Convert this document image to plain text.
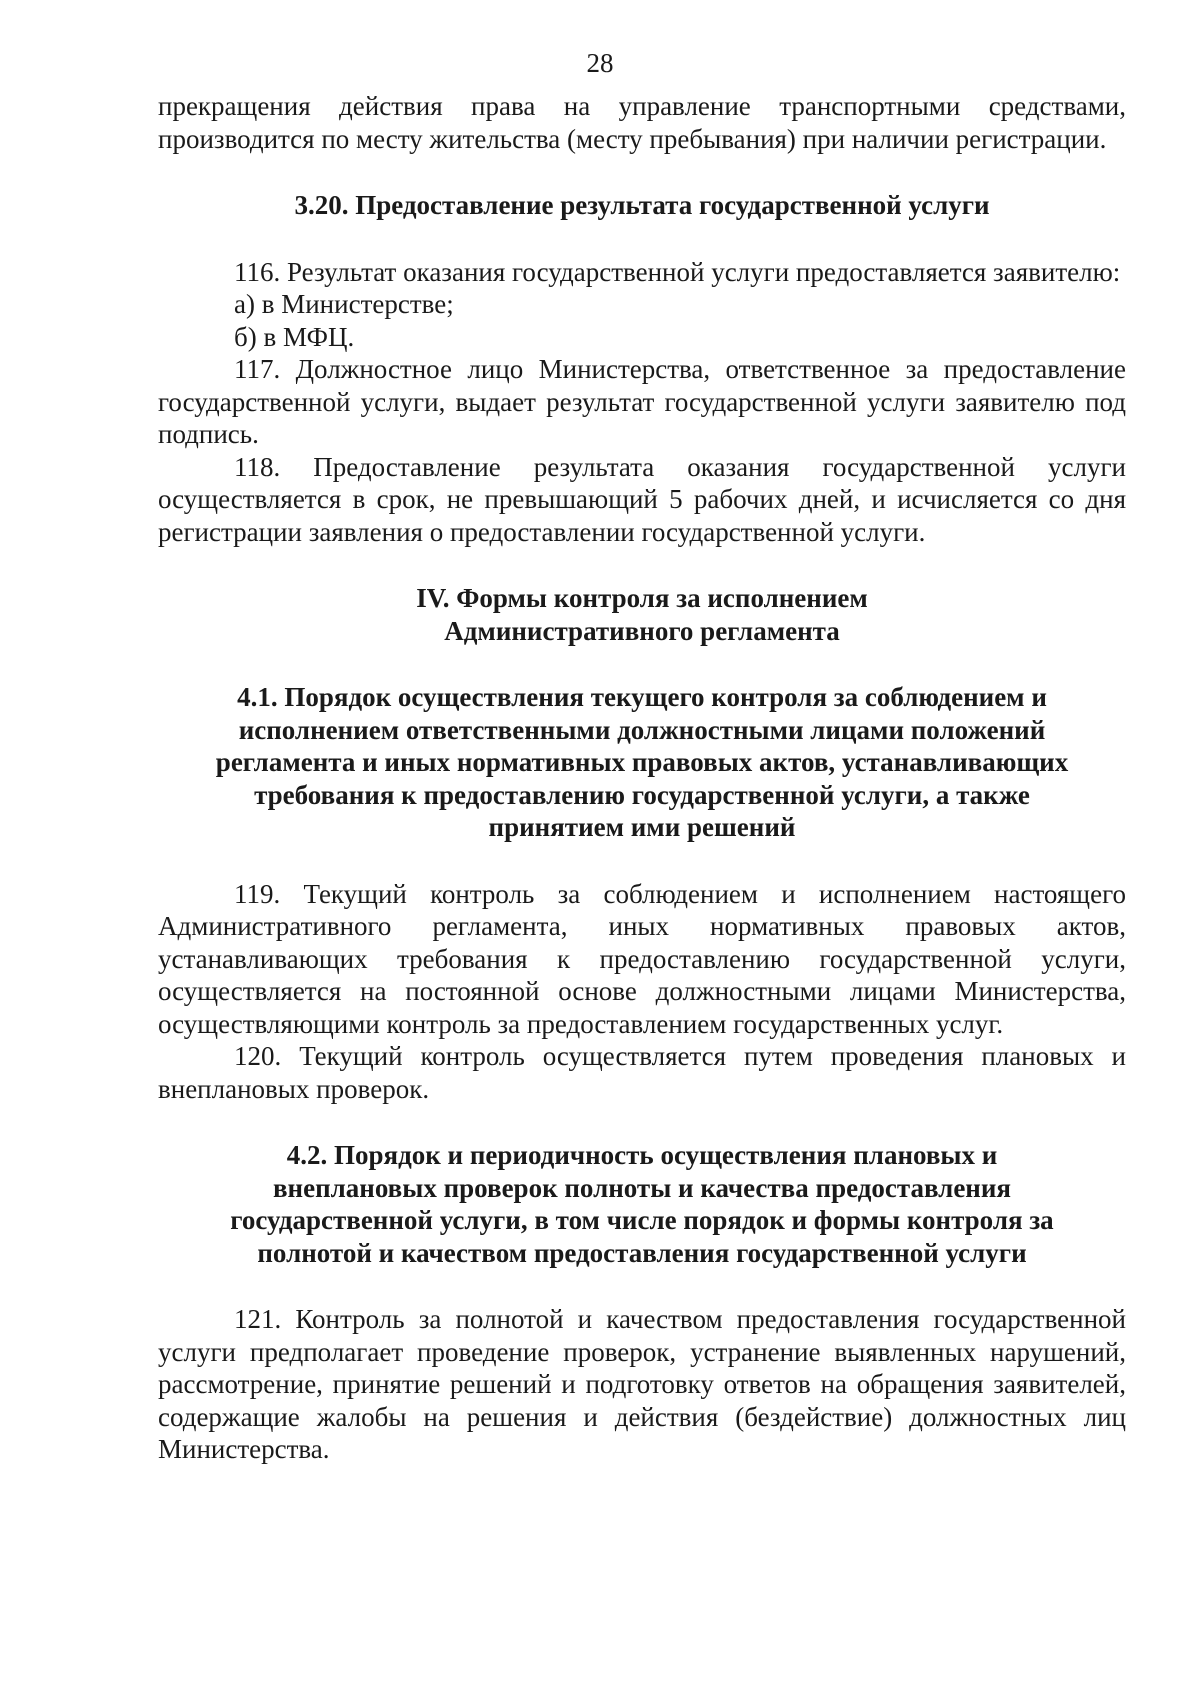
28

прекращения действия права на управление транспортными средствами, производится по месту жительства (месту пребывания) при наличии регистрации.

3.20. Предоставление результата государственной услуги

116. Результат оказания государственной услуги предоставляется заявителю:

а) в Министерстве;

б) в МФЦ.

117. Должностное лицо Министерства, ответственное за предоставление государственной услуги, выдает результат государственной услуги заявителю под подпись.

118. Предоставление результата оказания государственной услуги осуществляется в срок, не превышающий 5 рабочих дней, и исчисляется со дня регистрации заявления о предоставлении государственной услуги.

IV. Формы контроля за исполнением Административного регламента
4.1. Порядок осуществления текущего контроля за соблюдением и исполнением ответственными должностными лицами положений регламента и иных нормативных правовых актов, устанавливающих требования к предоставлению государственной услуги, а также принятием ими решений

119. Текущий контроль за соблюдением и исполнением настоящего Административного регламента, иных нормативных правовых актов, устанавливающих требования к предоставлению государственной услуги, осуществляется на постоянной основе должностными лицами Министерства, осуществляющими контроль за предоставлением государственных услуг.

120. Текущий контроль осуществляется путем проведения плановых и внеплановых проверок.

4.2. Порядок и периодичность осуществления плановых и внеплановых проверок полноты и качества предоставления государственной услуги, в том числе порядок и формы контроля за полнотой и качеством предоставления государственной услуги

121. Контроль за полнотой и качеством предоставления государственной услуги предполагает проведение проверок, устранение выявленных нарушений, рассмотрение, принятие решений и подготовку ответов на обращения заявителей, содержащие жалобы на решения и действия (бездействие) должностных лиц Министерства.
